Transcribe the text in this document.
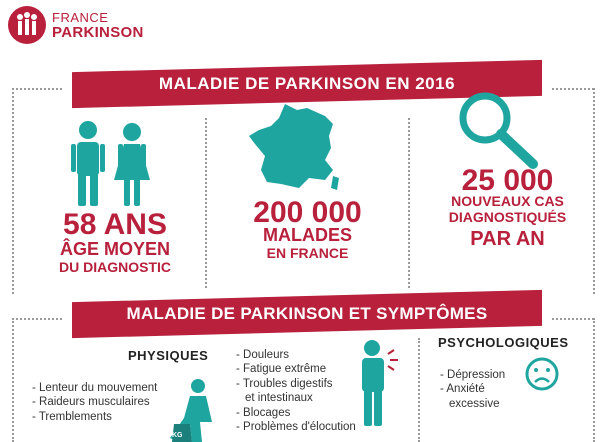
FRANCE
PARKINSON
MALADIE DE PARKINSON EN 2016
58 ANS
ÂGE MOYEN
DU DIAGNOSTIC
200 000
MALADES
EN FRANCE
25 000
NOUVEAUX CAS
DIAGNOSTIQUÉS
PAR AN
MALADIE DE PARKINSON ET SYMPTÔMES
PHYSIQUES
- Lenteur du mouvement
- Raideurs musculaires
- Tremblements
KG
- Douleurs
- Fatigue extrême
- Troubles digestifs
et intestinaux
- Blocages
- Problèmes d'élocution
PSYCHOLOGIQUES
- Dépression
- Anxiété
excessive
